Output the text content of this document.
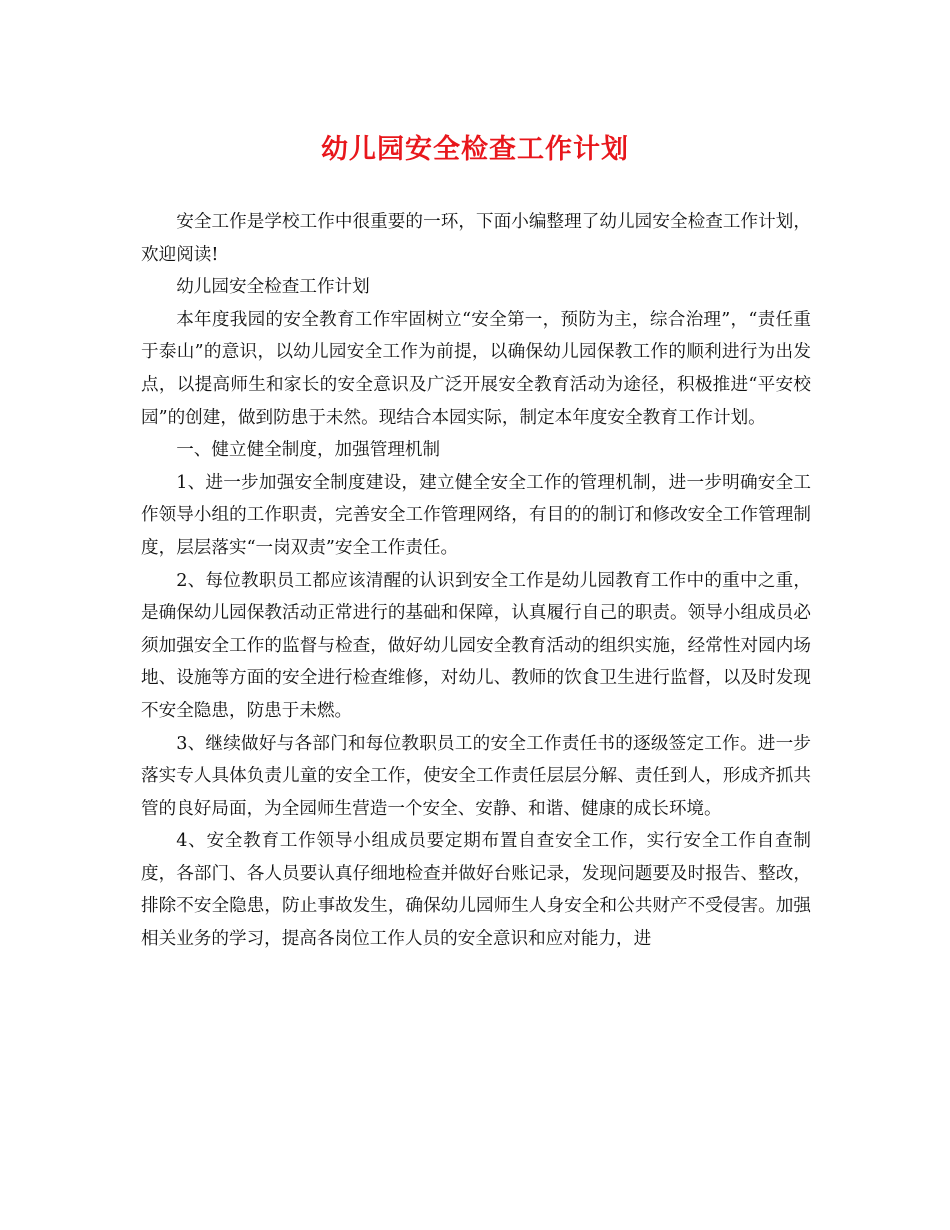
幼儿园安全检查工作计划

安全工作是学校工作中很重要的一环，下面小编整理了幼儿园安全检查工作计划，欢迎阅读!

幼儿园安全检查工作计划

本年度我园的安全教育工作牢固树立“安全第一，预防为主，综合治理”，“责任重于泰山”的意识，以幼儿园安全工作为前提，以确保幼儿园保教工作的顺利进行为出发点，以提高师生和家长的安全意识及广泛开展安全教育活动为途径，积极推进“平安校园”的创建，做到防患于未然。现结合本园实际，制定本年度安全教育工作计划。

一、健立健全制度，加强管理机制

1、进一步加强安全制度建设，建立健全安全工作的管理机制，进一步明确安全工作领导小组的工作职责，完善安全工作管理网络，有目的的制订和修改安全工作管理制度，层层落实“一岗双责”安全工作责任。

2、每位教职员工都应该清醒的认识到安全工作是幼儿园教育工作中的重中之重，是确保幼儿园保教活动正常进行的基础和保障，认真履行自己的职责。领导小组成员必须加强安全工作的监督与检查，做好幼儿园安全教育活动的组织实施，经常性对园内场地、设施等方面的安全进行检查维修，对幼儿、教师的饮食卫生进行监督，以及时发现不安全隐患，防患于未燃。

3、继续做好与各部门和每位教职员工的安全工作责任书的逐级签定工作。进一步落实专人具体负责儿童的安全工作，使安全工作责任层层分解、责任到人，形成齐抓共管的良好局面，为全园师生营造一个安全、安静、和谐、健康的成长环境。

4、安全教育工作领导小组成员要定期布置自查安全工作，实行安全工作自查制度，各部门、各人员要认真仔细地检查并做好台账记录，发现问题要及时报告、整改，排除不安全隐患，防止事故发生，确保幼儿园师生人身安全和公共财产不受侵害。加强相关业务的学习，提高各岗位工作人员的安全意识和应对能力，进
